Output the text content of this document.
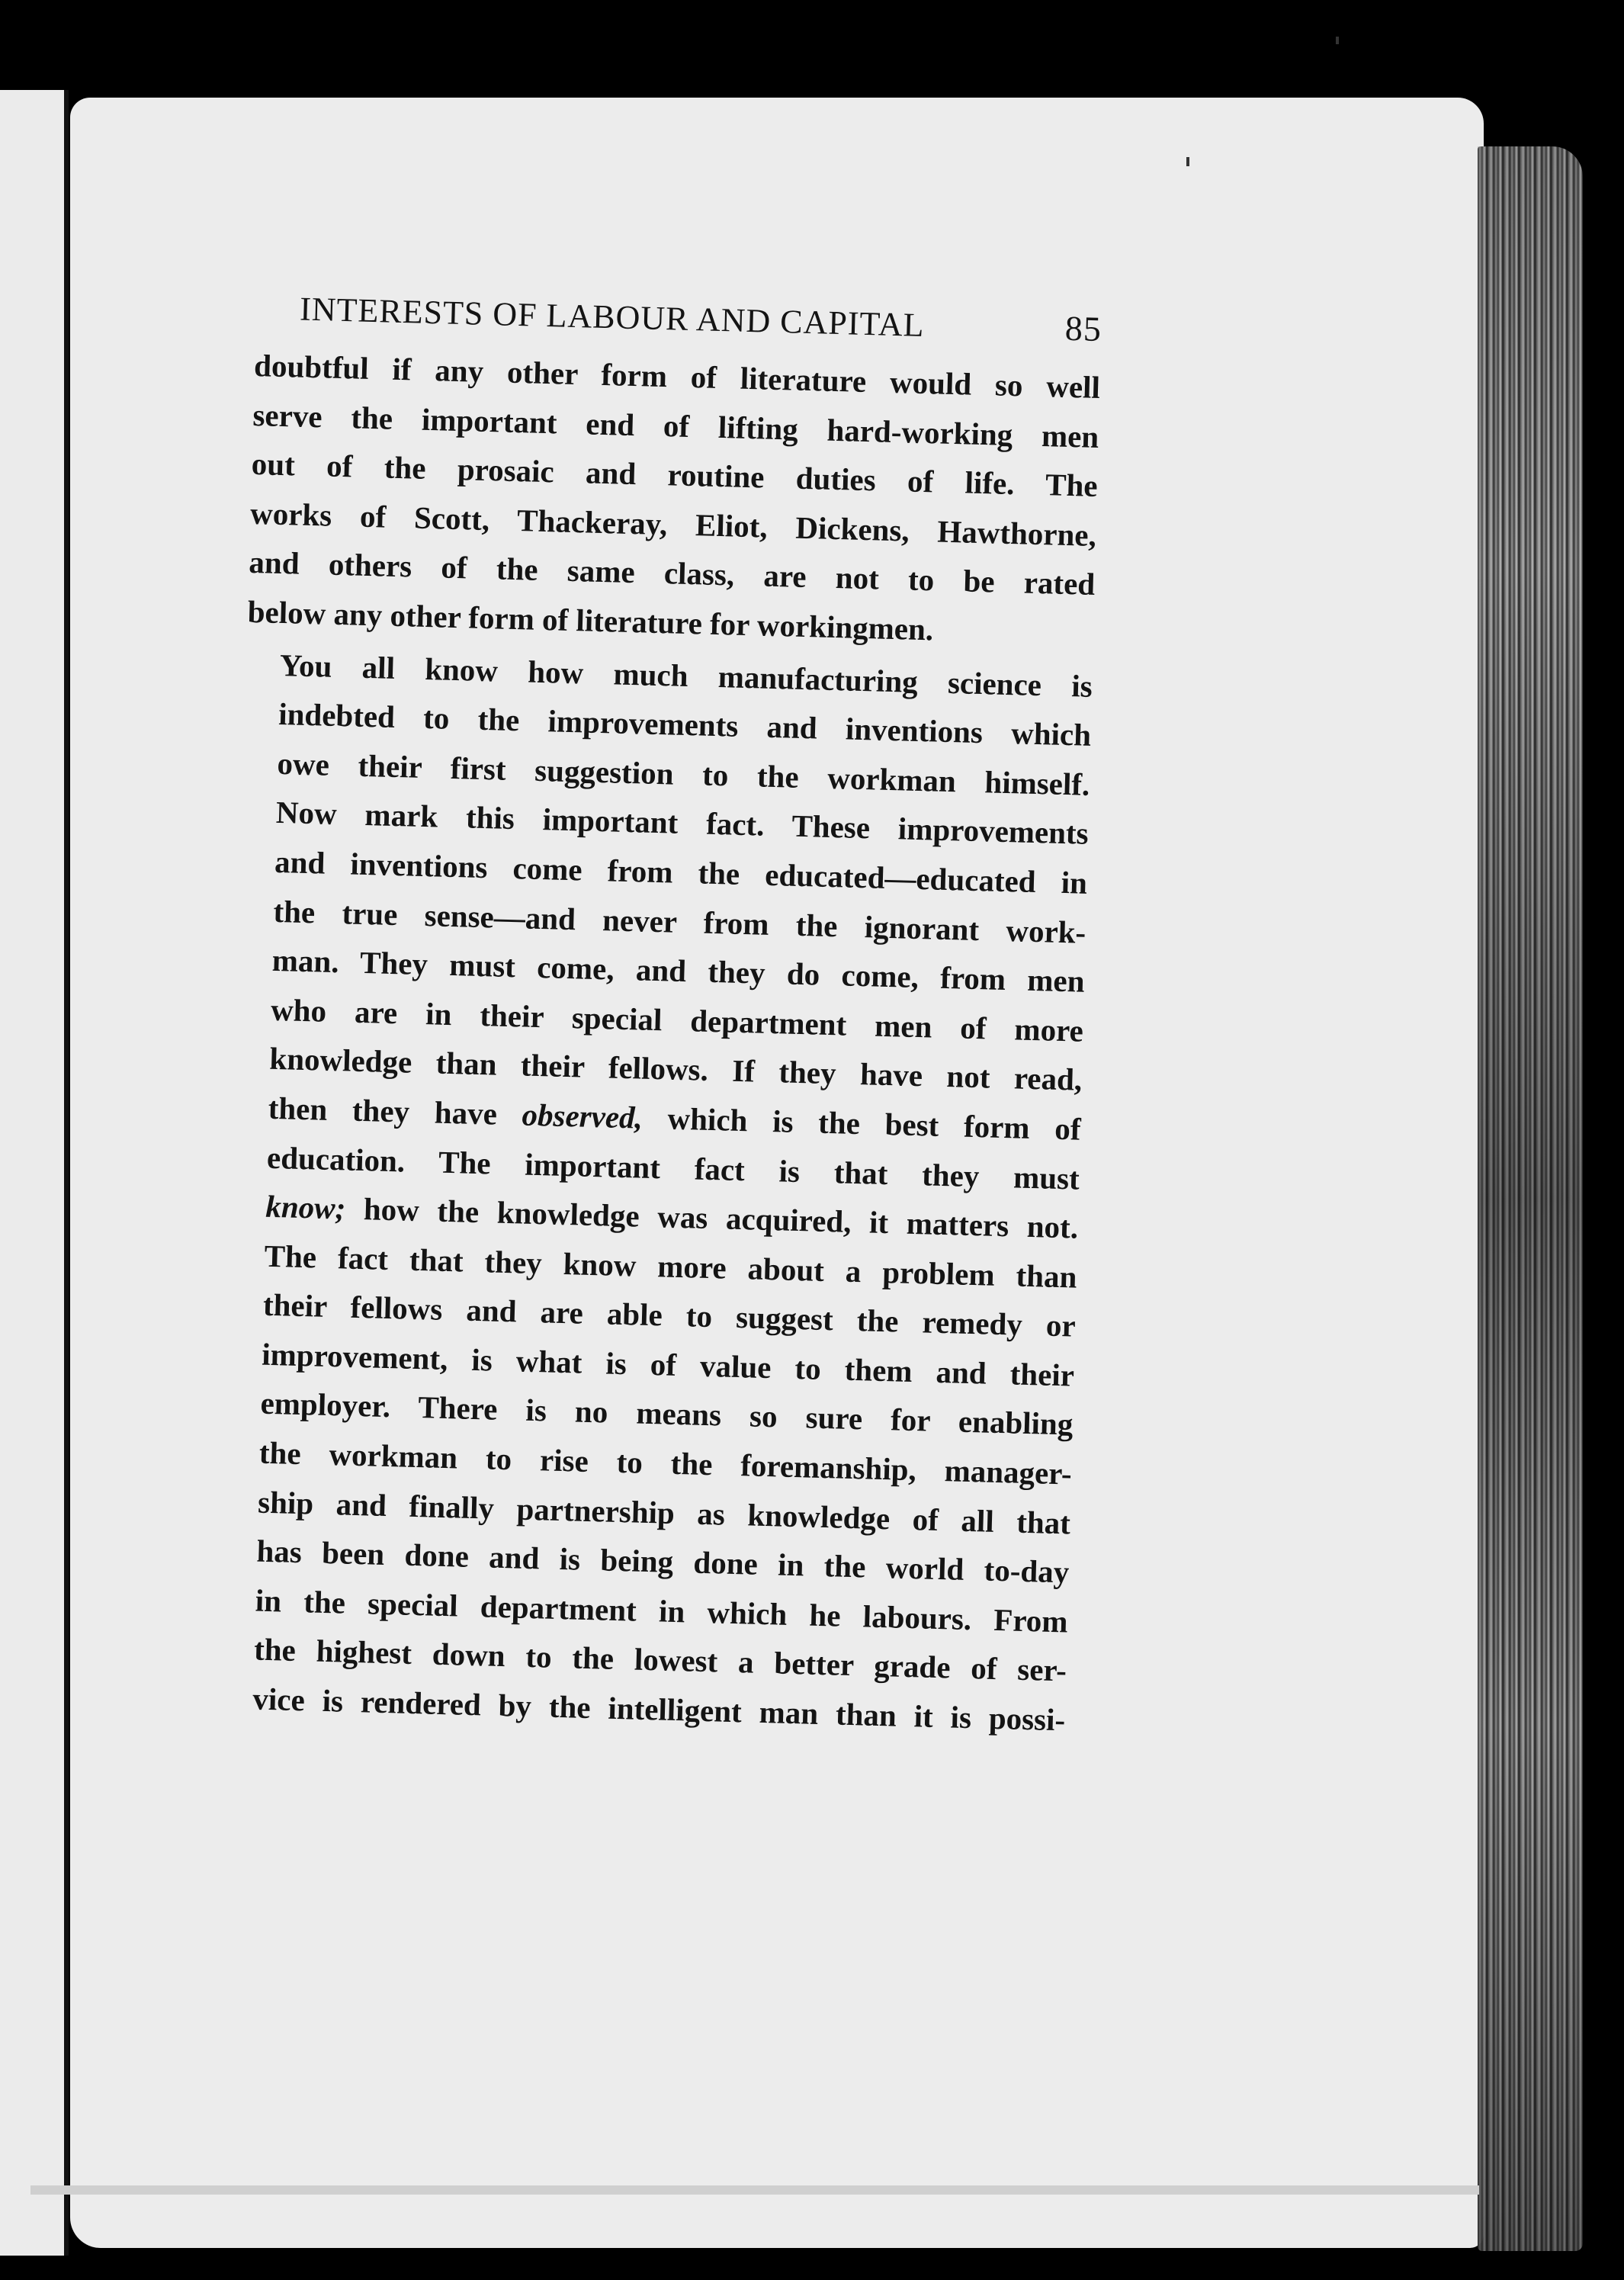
INTERESTS OF LABOUR AND CAPITAL	85

doubtful if any other form of literature would so well
serve the important end of lifting hard-working men
out of the prosaic and routine duties of life. The
works of Scott, Thackeray, Eliot, Dickens, Hawthorne,
and others of the same class, are not to be rated
below any other form of literature for workingmen.

You all know how much manufacturing science is
indebted to the improvements and inventions which
owe their first suggestion to the workman himself.
Now mark this important fact. These improvements
and inventions come from the educated—educated in
the true sense—and never from the ignorant work-
man. They must come, and they do come, from men
who are in their special department men of more
knowledge than their fellows. If they have not read,
then they have observed, which is the best form of
education. The important fact is that they must
know; how the knowledge was acquired, it matters not.
The fact that they know more about a problem than
their fellows and are able to suggest the remedy or
improvement, is what is of value to them and their
employer. There is no means so sure for enabling
the workman to rise to the foremanship, manager-
ship and finally partnership as knowledge of all that
has been done and is being done in the world to-day
in the special department in which he labours. From
the highest down to the lowest a better grade of ser-
vice is rendered by the intelligent man than it is possi-
